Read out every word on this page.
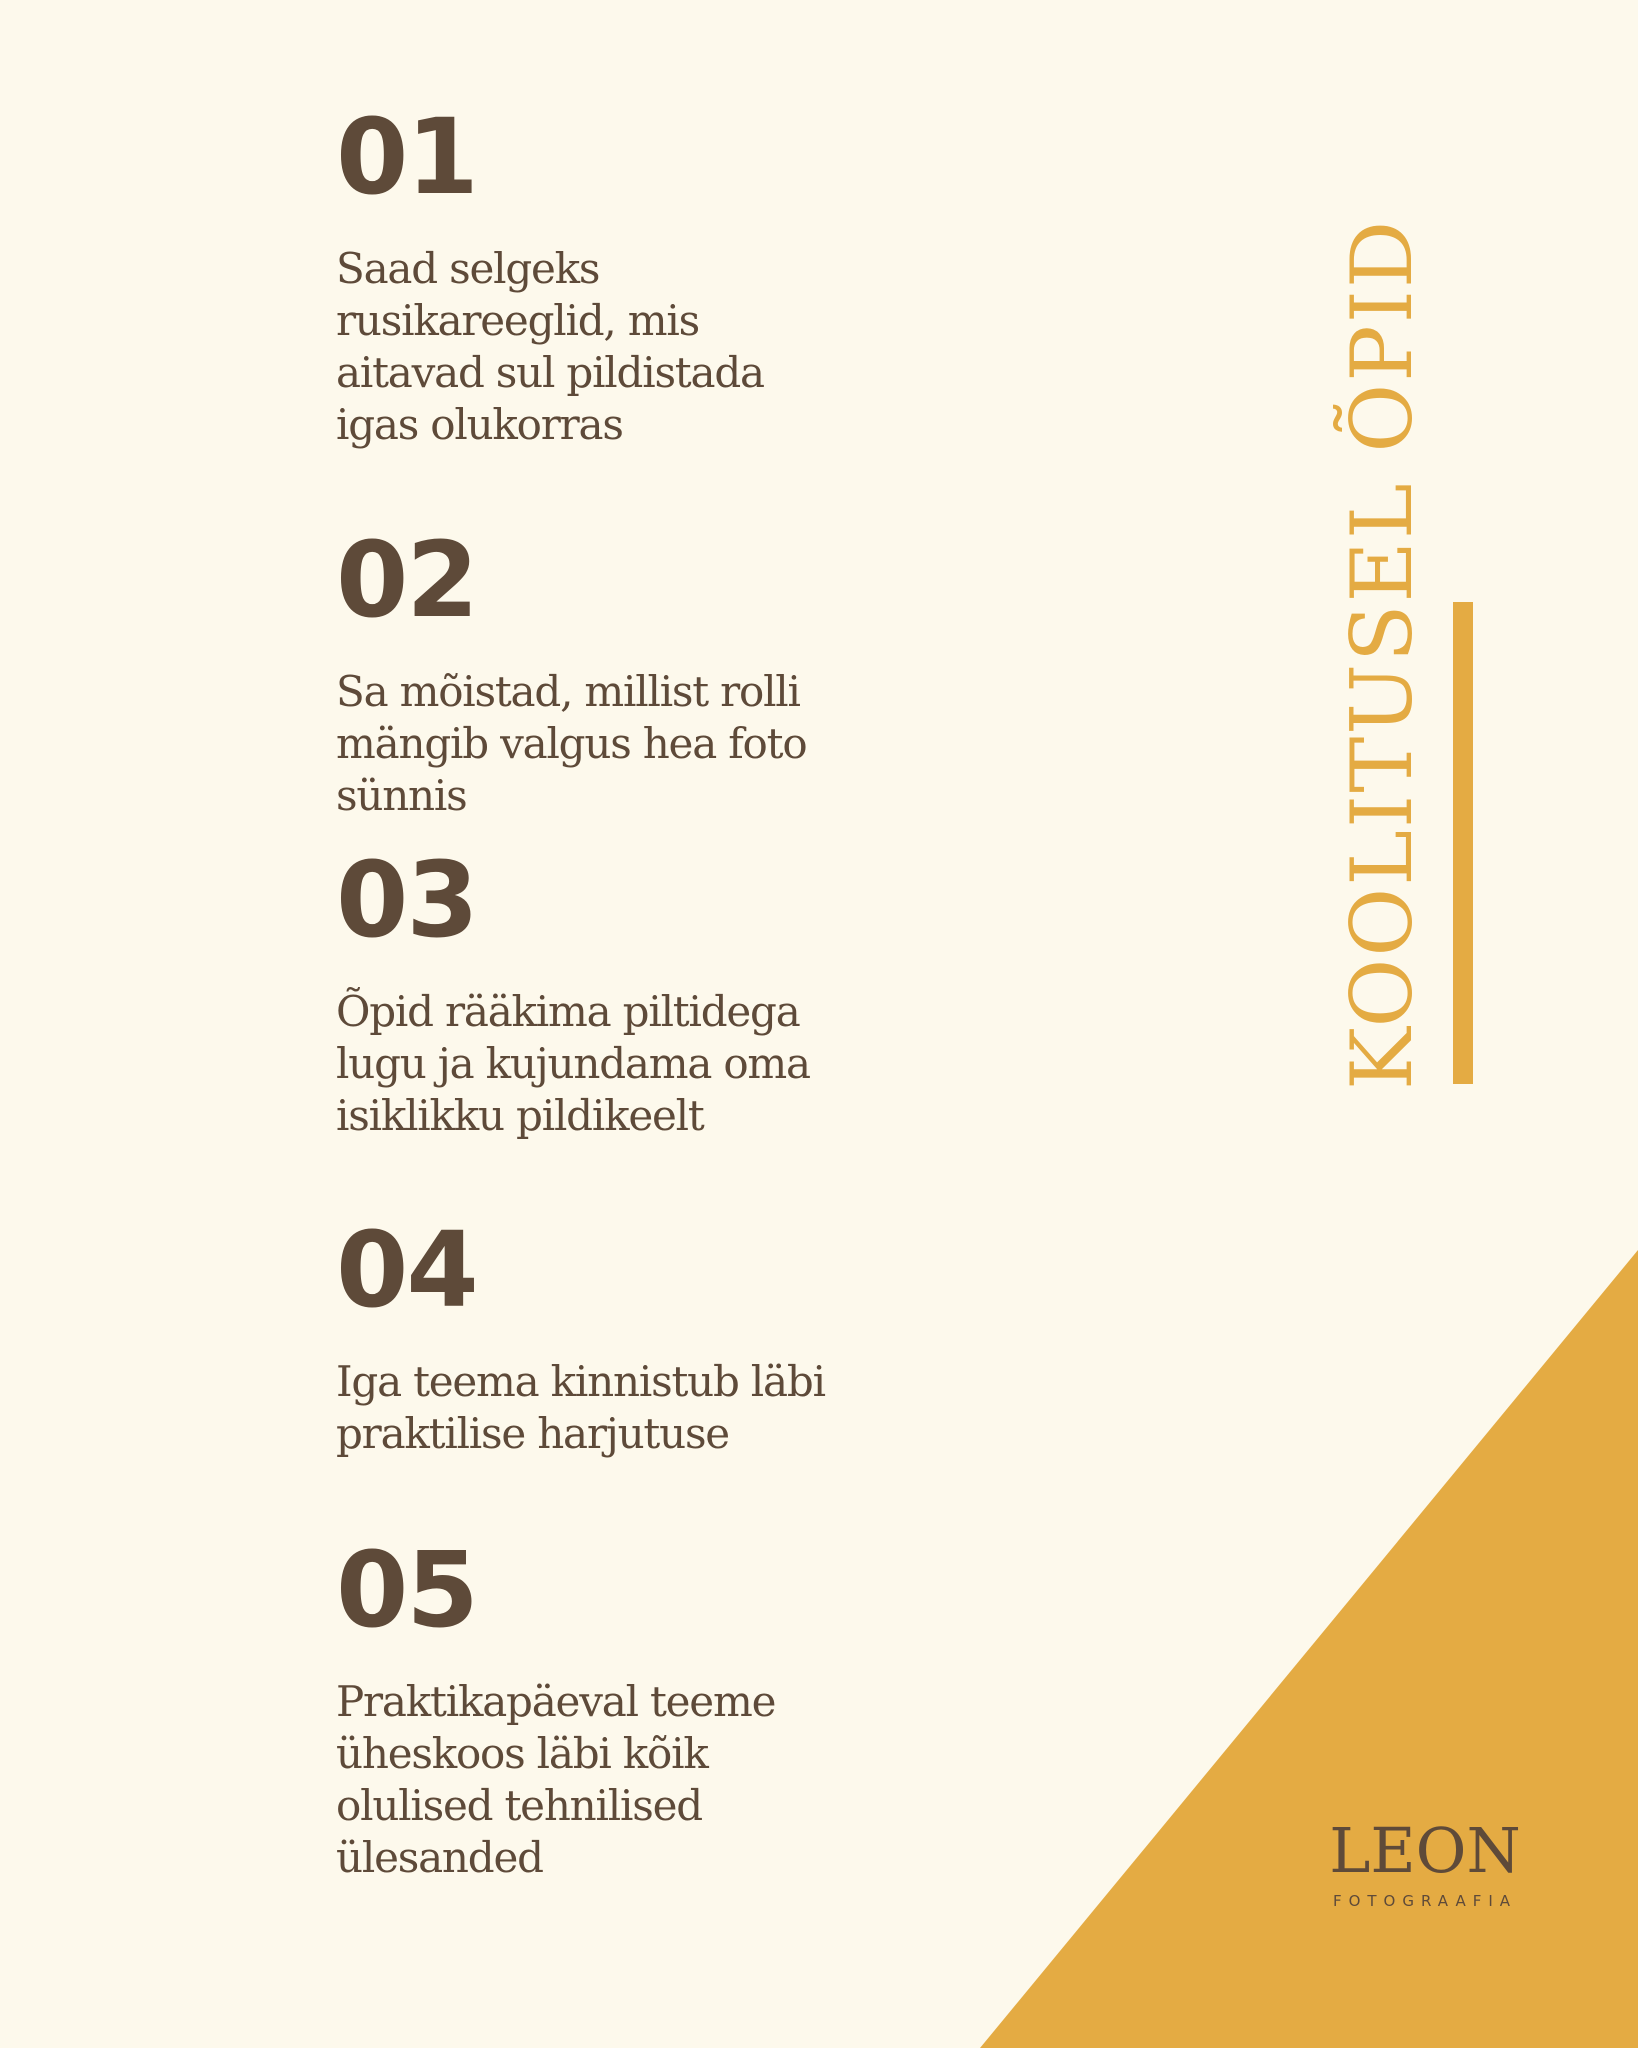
01
Saad selgeks
rusikareeglid, mis
aitavad sul pildistada
igas olukorras
02
Sa mõistad, millist rolli
mängib valgus hea foto
sünnis
03
Õpid rääkima piltidega
lugu ja kujundama oma
isiklikku pildikeelt
04
Iga teema kinnistub läbi
praktilise harjutuse
05
Praktikapäeval teeme
üheskoos läbi kõik
olulised tehnilised
ülesanded
KOOLITUSEL ÕPID
LEON
FOTOGRAAFIA
